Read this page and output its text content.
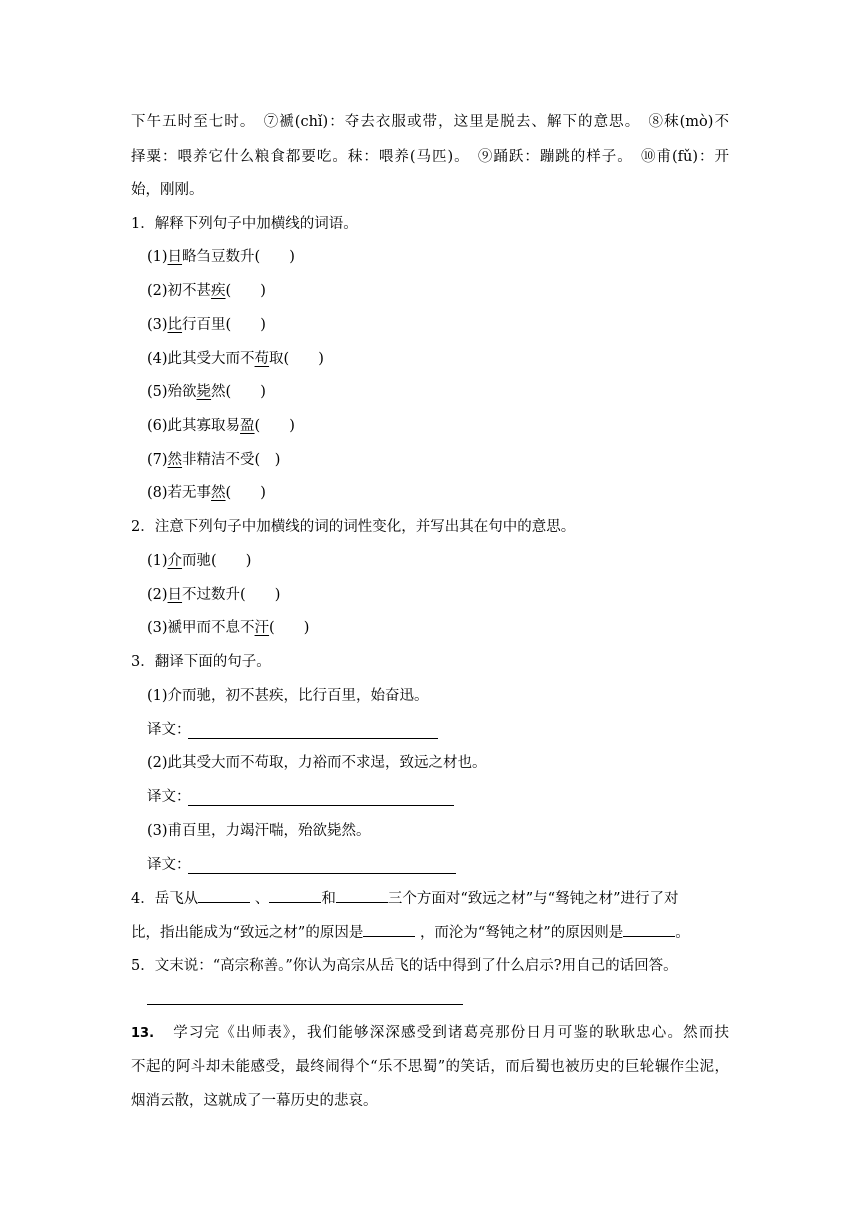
下午五时至七时。　⑦褫(chǐ)：夺去衣服或带，这里是脱去、解下的意思。　⑧秣(mò)不
择粟：喂养它什么粮食都要吃。秣：喂养(马匹)。　⑨踊跃：蹦跳的样子。　⑩甫(fǔ)：开
始，刚刚。
1．解释下列句子中加横线的词语。
(1)日略刍豆数升(　　)
(2)初不甚疾(　　)
(3)比行百里(　　)
(4)此其受大而不苟取(　　)
(5)殆欲毙然(　　)
(6)此其寡取易盈(　　)
(7)然非精洁不受(　)
(8)若无事然(　　)
2．注意下列句子中加横线的词的词性变化，并写出其在句中的意思。
(1)介而驰(　　)
(2)日不过数升(　　)
(3)褫甲而不息不汗(　　)
3．翻译下面的句子。
(1)介而驰，初不甚疾，比行百里，始奋迅。
译文：
(2)此其受大而不苟取，力裕而不求逞，致远之材也。
译文：
(3)甫百里，力竭汗喘，殆欲毙然。
译文：
4．岳飞从	、	和	三个方面对“致远之材”与“驽钝之材”进行了对
比，指出能成为“致远之材”的原因是	，而沦为“驽钝之材”的原因则是	。
5．文末说：“高宗称善。”你认为高宗从岳飞的话中得到了什么启示?用自己的话回答。
13. 学习完《出师表》，我们能够深深感受到诸葛亮那份日月可鉴的耿耿忠心。然而扶
不起的阿斗却未能感受，最终闹得个“乐不思蜀”的笑话，而后蜀也被历史的巨轮辗作尘泥，
烟消云散，这就成了一幕历史的悲哀。
